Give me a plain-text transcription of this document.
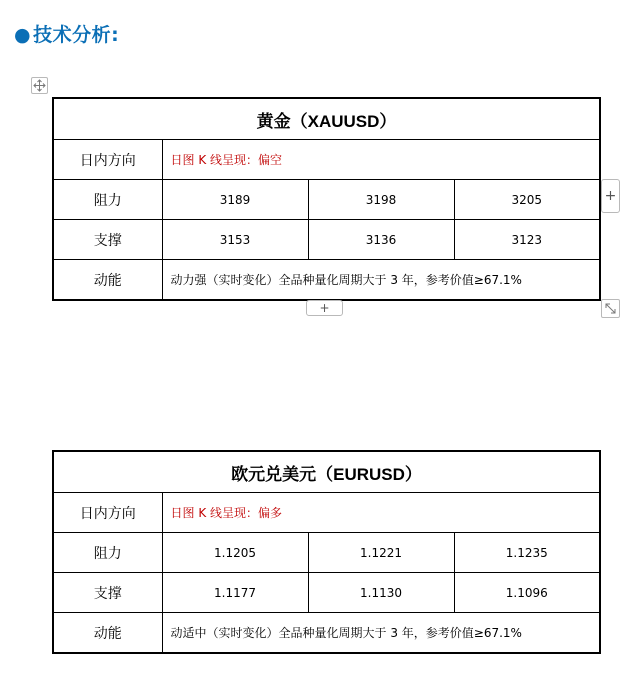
● 技术分析:
黄金（XAUUSD）			
日内方向	日图 K 线呈现：偏空		
阻力	3189	3198	3205
支撑	3153	3136	3123
动能	动力强（实时变化）全品种量化周期大于 3 年，参考价值≥67.1%		
+
+
欧元兑美元（EURUSD）			
日内方向	日图 K 线呈现：偏多		
阻力	1.1205	1.1221	1.1235
支撑	1.1177	1.1130	1.1096
动能	动适中（实时变化）全品种量化周期大于 3 年，参考价值≥67.1%		
